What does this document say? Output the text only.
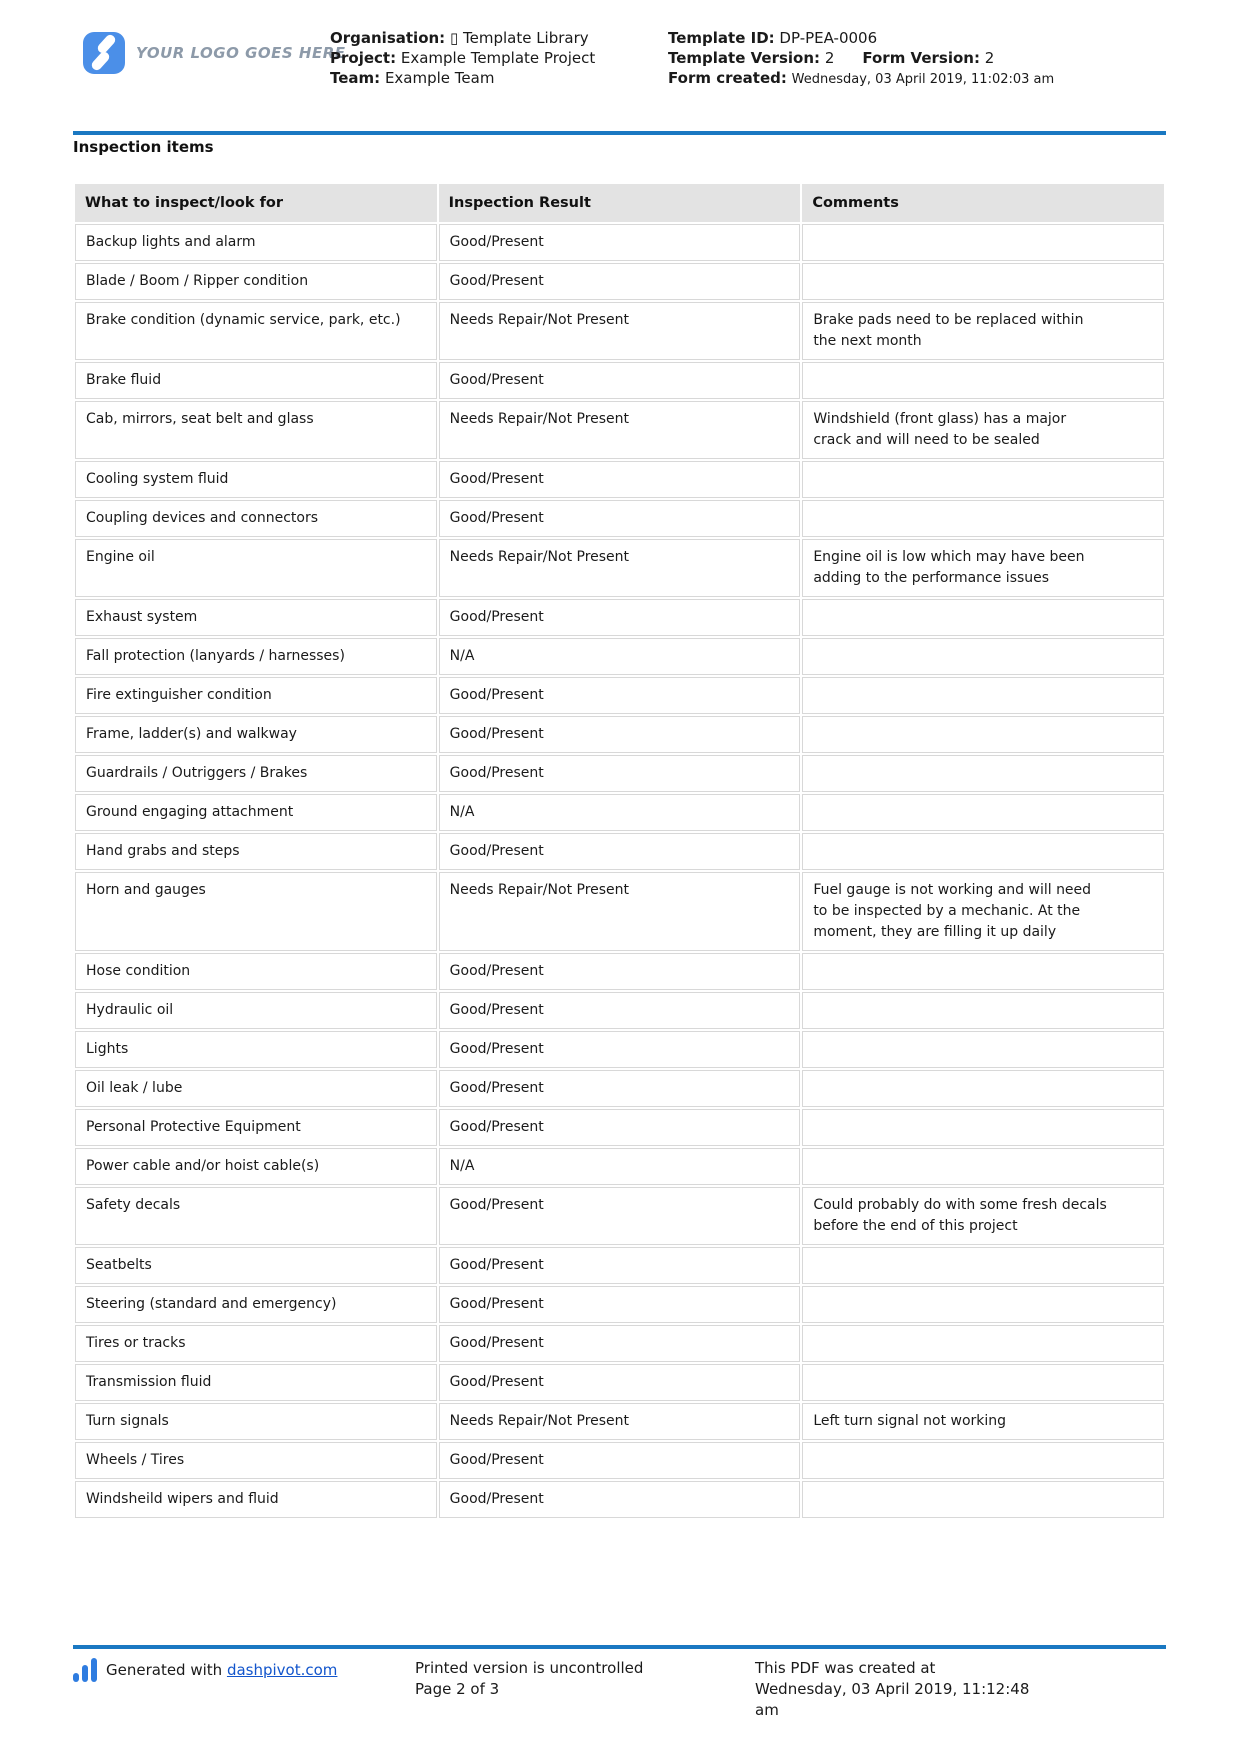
YOUR LOGO GOES HERE
Organisation: ▯ Template Library
Project: Example Template Project
Team: Example Team
Template ID: DP-PEA-0006
Template Version: 2 Form Version: 2
Form created: Wednesday, 03 April 2019, 11:02:03 am
Inspection items
What to inspect/look for	Inspection Result	Comments
Backup lights and alarm	Good/Present	
Blade / Boom / Ripper condition	Good/Present	
Brake condition (dynamic service, park, etc.)	Needs Repair/Not Present	Brake pads need to be replaced within the next month
Brake fluid	Good/Present	
Cab, mirrors, seat belt and glass	Needs Repair/Not Present	Windshield (front glass) has a major crack and will need to be sealed
Cooling system fluid	Good/Present	
Coupling devices and connectors	Good/Present	
Engine oil	Needs Repair/Not Present	Engine oil is low which may have been adding to the performance issues
Exhaust system	Good/Present	
Fall protection (lanyards / harnesses)	N/A	
Fire extinguisher condition	Good/Present	
Frame, ladder(s) and walkway	Good/Present	
Guardrails / Outriggers / Brakes	Good/Present	
Ground engaging attachment	N/A	
Hand grabs and steps	Good/Present	
Horn and gauges	Needs Repair/Not Present	Fuel gauge is not working and will need to be inspected by a mechanic. At the moment, they are filling it up daily
Hose condition	Good/Present	
Hydraulic oil	Good/Present	
Lights	Good/Present	
Oil leak / lube	Good/Present	
Personal Protective Equipment	Good/Present	
Power cable and/or hoist cable(s)	N/A	
Safety decals	Good/Present	Could probably do with some fresh decals before the end of this project
Seatbelts	Good/Present	
Steering (standard and emergency)	Good/Present	
Tires or tracks	Good/Present	
Transmission fluid	Good/Present	
Turn signals	Needs Repair/Not Present	Left turn signal not working
Wheels / Tires	Good/Present	
Windsheild wipers and fluid	Good/Present	
Generated with dashpivot.com	Printed version is uncontrolled
Page 2 of 3
This PDF was created at
Wednesday, 03 April 2019, 11:12:48 am
